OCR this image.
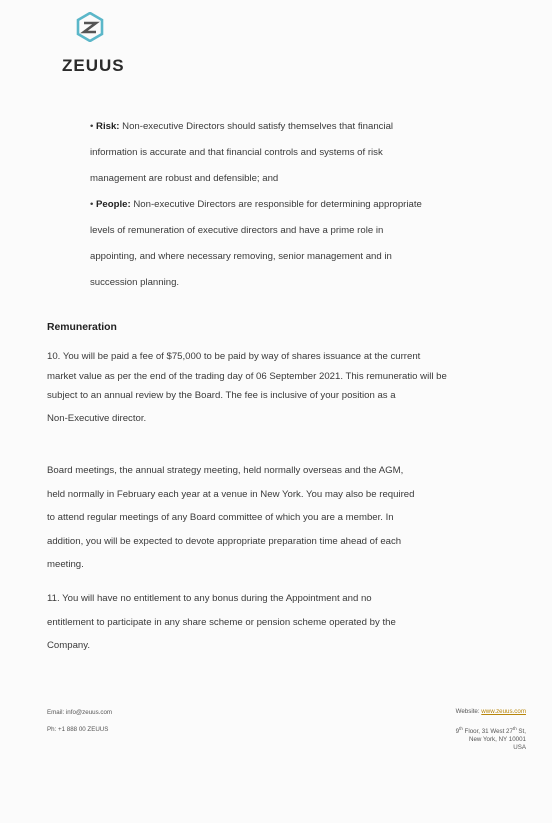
ZEUUS
• Risk: Non-executive Directors should satisfy themselves that financial
information is accurate and that financial controls and systems of risk
management are robust and defensible; and
• People: Non-executive Directors are responsible for determining appropriate
levels of remuneration of executive directors and have a prime role in
appointing, and where necessary removing, senior management and in
succession planning.
Remuneration
10. You will be paid a fee of $75,000 to be paid by way of shares issuance at the current
market value as per the end of the trading day of 06 September 2021. This remuneratio will be
subject to an annual review by the Board. The fee is inclusive of your position as a
Non-Executive director.
Board meetings, the annual strategy meeting, held normally overseas and the AGM,
held normally in February each year at a venue in New York. You may also be required
to attend regular meetings of any Board committee of which you are a member. In
addition, you will be expected to devote appropriate preparation time ahead of each
meeting.
11. You will have no entitlement to any bonus during the Appointment and no
entitlement to participate in any share scheme or pension scheme operated by the
Company.
Email: info@zeuus.com
Ph: +1 888 00 ZEUUS
Website: www.zeuus.com
9th Floor, 31 West 27th St,
New York, NY 10001
USA
